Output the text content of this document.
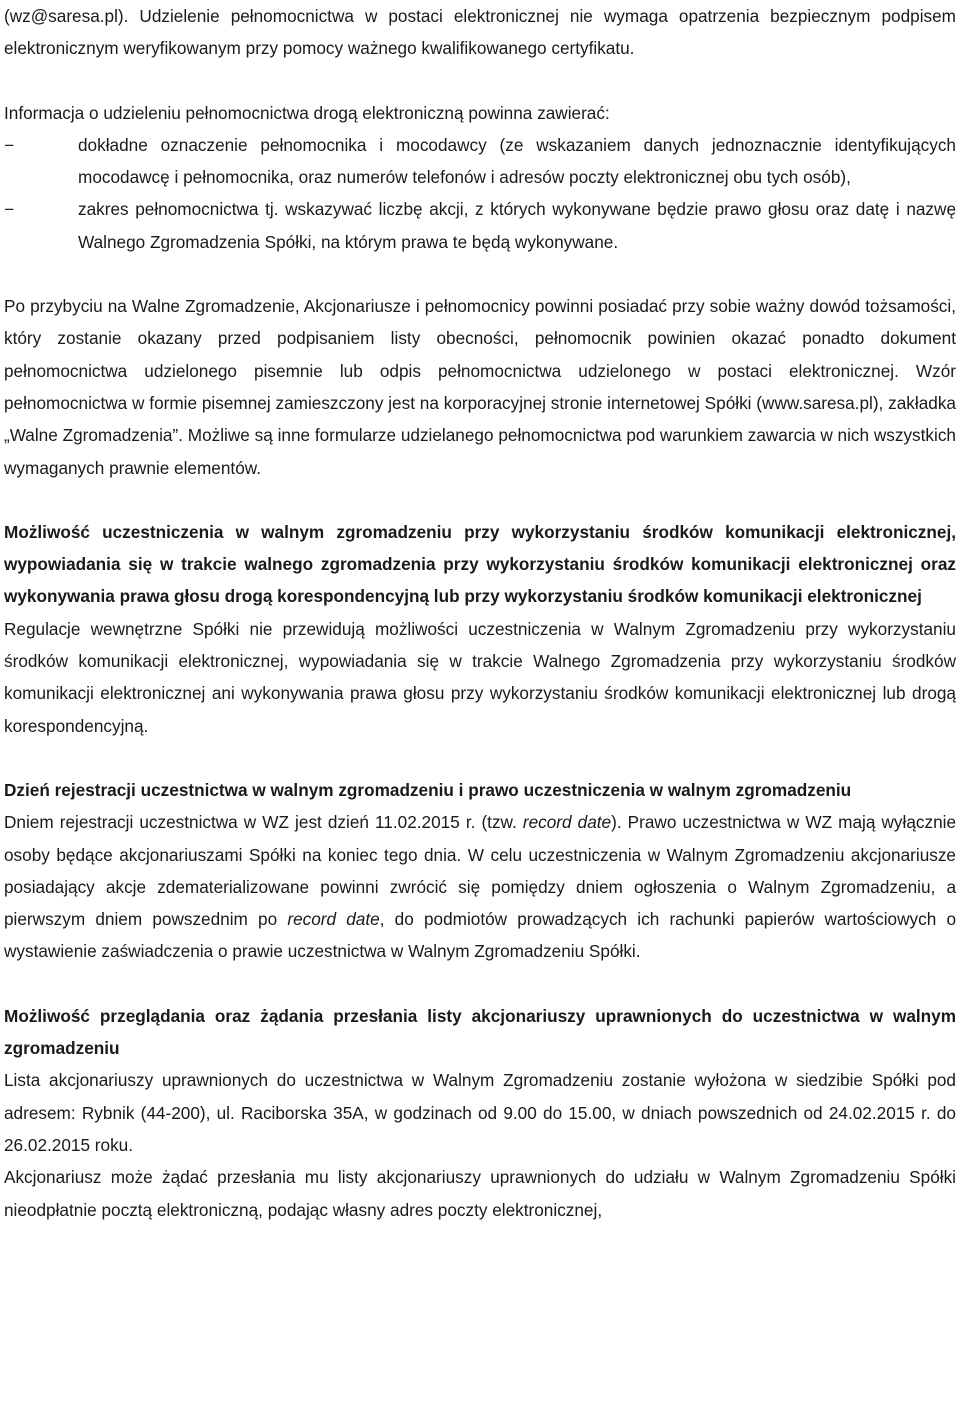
(wz@saresa.pl). Udzielenie pełnomocnictwa w postaci elektronicznej nie wymaga opatrzenia bezpiecznym podpisem elektronicznym weryfikowanym przy pomocy ważnego kwalifikowanego certyfikatu.

Informacja o udzieleniu pełnomocnictwa drogą elektroniczną powinna zawierać:

−	dokładne oznaczenie pełnomocnika i mocodawcy (ze wskazaniem danych jednoznacznie identyfikujących mocodawcę i pełnomocnika, oraz numerów telefonów i adresów poczty elektronicznej obu tych osób),
−	zakres pełnomocnictwa tj. wskazywać liczbę akcji, z których wykonywane będzie prawo głosu oraz datę i nazwę Walnego Zgromadzenia Spółki, na którym prawa te będą wykonywane.

Po przybyciu na Walne Zgromadzenie, Akcjonariusze i pełnomocnicy powinni posiadać przy sobie ważny dowód tożsamości, który zostanie okazany przed podpisaniem listy obecności, pełnomocnik powinien okazać ponadto dokument pełnomocnictwa udzielonego pisemnie lub odpis pełnomocnictwa udzielonego w postaci elektronicznej. Wzór pełnomocnictwa w formie pisemnej zamieszczony jest na korporacyjnej stronie internetowej Spółki (www.saresa.pl), zakładka „Walne Zgromadzenia”. Możliwe są inne formularze udzielanego pełnomocnictwa pod warunkiem zawarcia w nich wszystkich wymaganych prawnie elementów.

Możliwość uczestniczenia w walnym zgromadzeniu przy wykorzystaniu środków komunikacji elektronicznej, wypowiadania się w trakcie walnego zgromadzenia przy wykorzystaniu środków komunikacji elektronicznej oraz wykonywania prawa głosu drogą korespondencyjną lub przy wykorzystaniu środków komunikacji elektronicznej

Regulacje wewnętrzne Spółki nie przewidują możliwości uczestniczenia w Walnym Zgromadzeniu przy wykorzystaniu środków komunikacji elektronicznej, wypowiadania się w trakcie Walnego Zgromadzenia przy wykorzystaniu środków komunikacji elektronicznej ani wykonywania prawa głosu przy wykorzystaniu środków komunikacji elektronicznej lub drogą korespondencyjną.

Dzień rejestracji uczestnictwa w walnym zgromadzeniu i prawo uczestniczenia w walnym zgromadzeniu

Dniem rejestracji uczestnictwa w WZ jest dzień 11.02.2015 r. (tzw. record date). Prawo uczestnictwa w WZ mają wyłącznie osoby będące akcjonariuszami Spółki na koniec tego dnia. W celu uczestniczenia w Walnym Zgromadzeniu akcjonariusze posiadający akcje zdematerializowane powinni zwrócić się pomiędzy dniem ogłoszenia o Walnym Zgromadzeniu, a pierwszym dniem powszednim po record date, do podmiotów prowadzących ich rachunki papierów wartościowych o wystawienie zaświadczenia o prawie uczestnictwa w Walnym Zgromadzeniu Spółki.

Możliwość przeglądania oraz żądania przesłania listy akcjonariuszy uprawnionych do uczestnictwa w walnym zgromadzeniu

Lista akcjonariuszy uprawnionych do uczestnictwa w Walnym Zgromadzeniu zostanie wyłożona w siedzibie Spółki pod adresem: Rybnik (44-200), ul. Raciborska 35A, w godzinach od 9.00 do 15.00, w dniach powszednich od 24.02.2015 r. do 26.02.2015 roku.

Akcjonariusz może żądać przesłania mu listy akcjonariuszy uprawnionych do udziału w Walnym Zgromadzeniu Spółki nieodpłatnie pocztą elektroniczną, podając własny adres poczty elektronicznej,
